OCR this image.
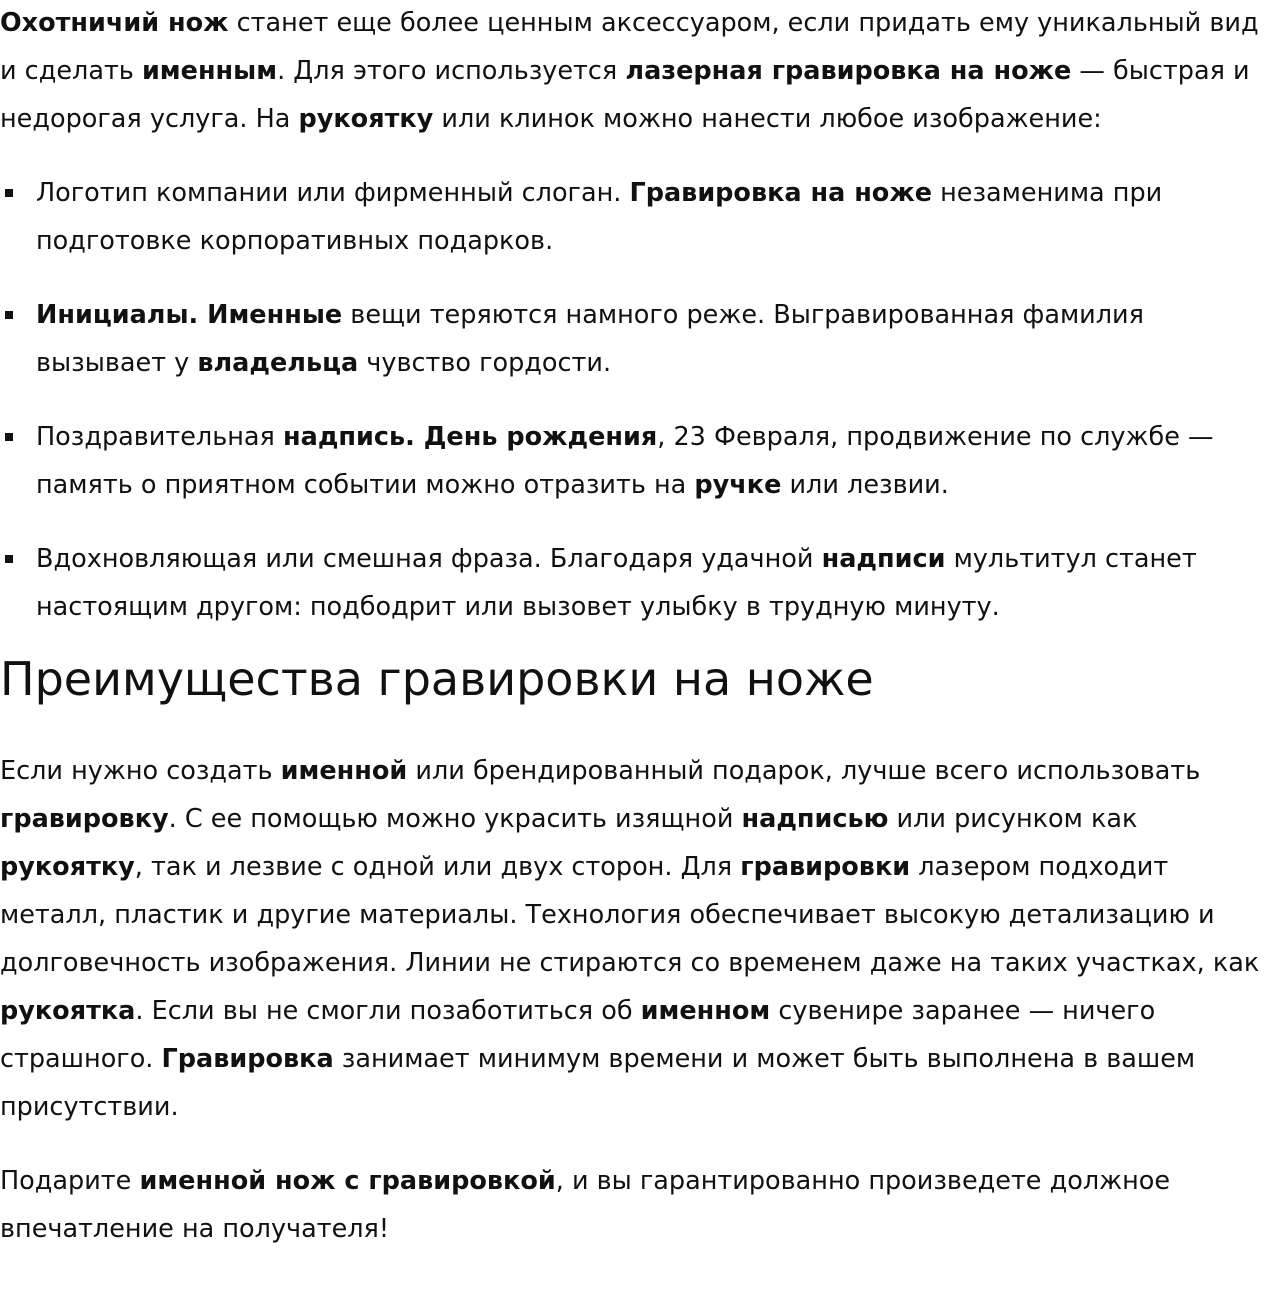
Охотничий нож станет еще более ценным аксессуаром, если придать ему уникальный вид и сделать именным. Для этого используется лазерная гравировка на ноже — быстрая и недорогая услуга. На рукоятку или клинок можно нанести любое изображение:

Логотип компании или фирменный слоган. Гравировка на ноже незаменима при подготовке корпоративных подарков.
Инициалы. Именные вещи теряются намного реже. Выгравированная фамилия вызывает у владельца чувство гордости.
Поздравительная надпись. День рождения, 23 Февраля, продвижение по службе — память о приятном событии можно отразить на ручке или лезвии.
Вдохновляющая или смешная фраза. Благодаря удачной надписи мультитул станет настоящим другом: подбодрит или вызовет улыбку в трудную минуту.
Преимущества гравировки на ноже

Если нужно создать именной или брендированный подарок, лучше всего использовать гравировку. С ее помощью можно украсить изящной надписью или рисунком как рукоятку, так и лезвие с одной или двух сторон. Для гравировки лазером подходит металл, пластик и другие материалы. Технология обеспечивает высокую детализацию и долговечность изображения. Линии не стираются со временем даже на таких участках, как рукоятка. Если вы не смогли позаботиться об именном сувенире заранее — ничего страшного. Гравировка занимает минимум времени и может быть выполнена в вашем присутствии.

Подарите именной нож с гравировкой, и вы гарантированно произведете должное впечатление на получателя!
